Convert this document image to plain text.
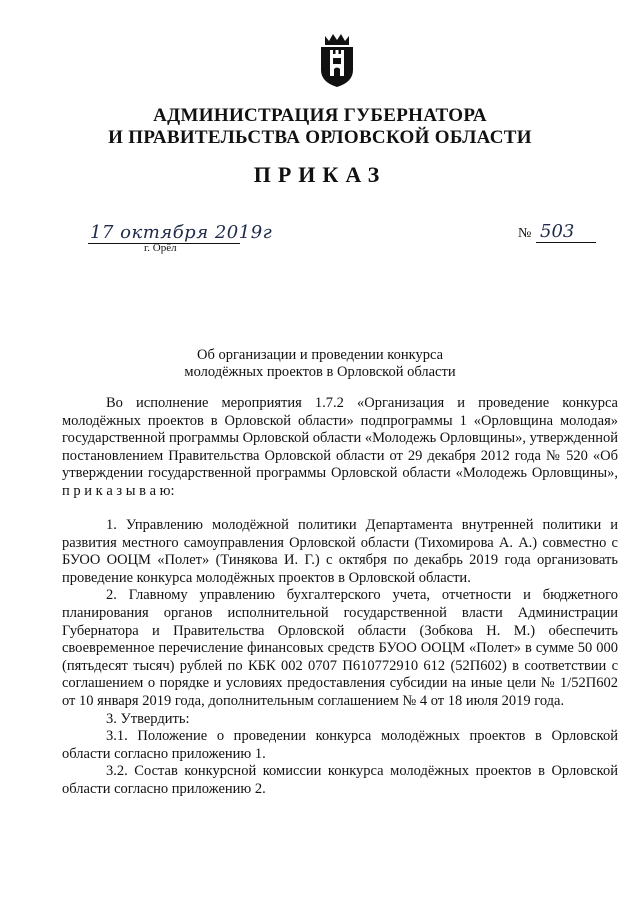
АДМИНИСТРАЦИЯ ГУБЕРНАТОРА
И ПРАВИТЕЛЬСТВА ОРЛОВСКОЙ ОБЛАСТИ
ПРИКАЗ
17 октября 2019г
г. Орёл
№ 503
Об организации и проведении конкурса
молодёжных проектов в Орловской области

Во исполнение мероприятия 1.7.2 «Организация и проведение конкурса молодёжных проектов в Орловской области» подпрограммы 1 «Орловщина молодая» государственной программы Орловской области «Молодежь Орловщины», утвержденной постановлением Правительства Орловской области от 29 декабря 2012 года № 520 «Об утверждении государственной программы Орловской области «Молодежь Орловщины», п р и к а з ы в а ю:

1. Управлению молодёжной политики Департамента внутренней политики и развития местного самоуправления Орловской области (Тихомирова А. А.) совместно с БУОО ООЦМ «Полет» (Тинякова И. Г.) с октября по декабрь 2019 года организовать проведение конкурса молодёжных проектов в Орловской области.

2. Главному управлению бухгалтерского учета, отчетности и бюджетного планирования органов исполнительной государственной власти Администрации Губернатора и Правительства Орловской области (Зобкова Н. М.) обеспечить своевременное перечисление финансовых средств БУОО ООЦМ «Полет» в сумме 50 000 (пятьдесят тысяч) рублей по КБК 002 0707 П610772910 612 (52П602) в соответствии с соглашением о порядке и условиях предоставления субсидии на иные цели № 1/52П602 от 10 января 2019 года, дополнительным соглашением № 4 от 18 июля 2019 года.

3. Утвердить:

3.1. Положение о проведении конкурса молодёжных проектов в Орловской области согласно приложению 1.

3.2. Состав конкурсной комиссии конкурса молодёжных проектов в Орловской области согласно приложению 2.
